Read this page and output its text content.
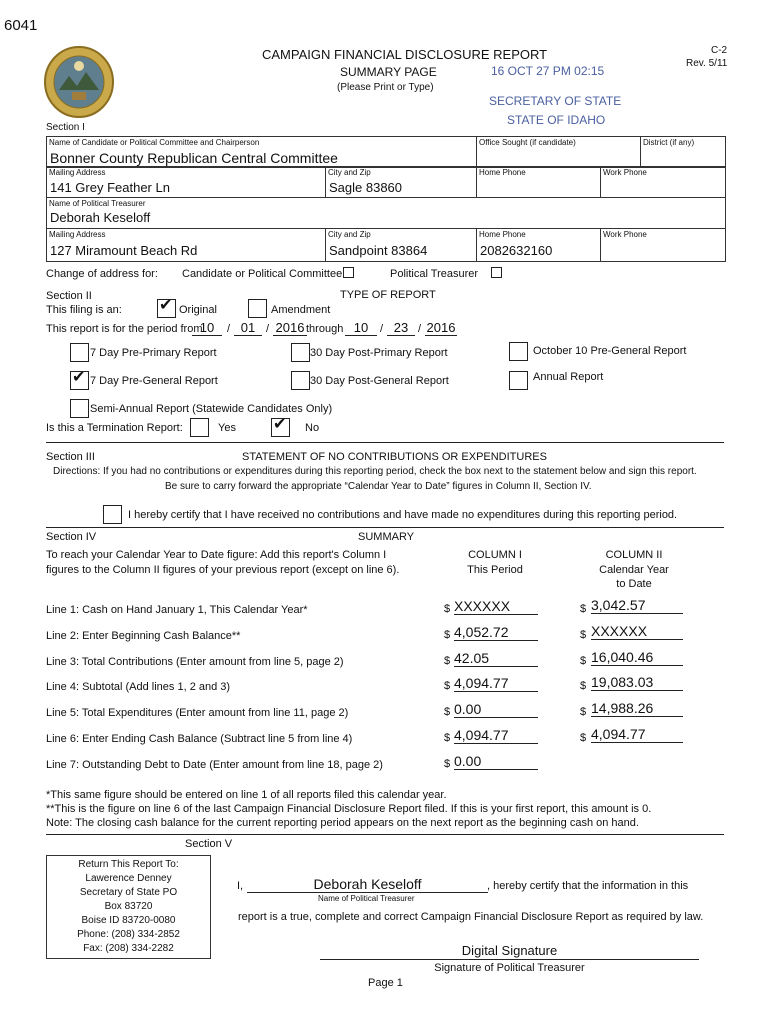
6041
CAMPAIGN FINANCIAL DISCLOSURE REPORT
SUMMARY PAGE
(Please Print or Type)
C-2
Rev. 5/11
16 OCT 27 PM 02:15
SECRETARY OF STATE
STATE OF IDAHO
Section I
Name of Candidate or Political Committee and Chairperson
Bonner County Republican Central Committee
Office Sought (if candidate)	District (if any)
Mailing Address
141 Grey Feather Ln
City and Zip
Sagle 83860
Home Phone	Work Phone
Name of Political Treasurer
Deborah Keseloff
Mailing Address
127 Miramount Beach Rd
City and Zip
Sandpoint 83864
Home Phone
2082632160
Work Phone
Change of address for: Candidate or Political Committee	Political Treasurer
Section II	TYPE OF REPORT
This filing is an: ✔ Original	Amendment
This report is for the period from
10	/ 01 / 2016 through 10	/ 23 / 2016
7 Day Pre-Primary Report	30 Day Post-Primary Report	October 10 Pre-General Report
✔ 7 Day Pre-General Report	30 Day Post-General Report	Annual Report
Semi-Annual Report (Statewide Candidates Only)
Is this a Termination Report:	Yes ✔ No
Section III	STATEMENT OF NO CONTRIBUTIONS OR EXPENDITURES
Directions: If you had no contributions or expenditures during this reporting period, check the box next to the statement below and sign this report.
Be sure to carry forward the appropriate “Calendar Year to Date” figures in Column II, Section IV.
I hereby certify that I have received no contributions and have made no expenditures during this reporting period.
Section IV	SUMMARY
To reach your Calendar Year to Date figure: Add this report's Column I
figures to the Column II figures of your previous report (except on line 6).
COLUMN I
This Period
COLUMN II
Calendar Year
to Date
Line 1: Cash on Hand January 1, This Calendar Year*	$ XXXXXX	$ 3,042.57
Line 2: Enter Beginning Cash Balance**	$ 4,052.72	$ XXXXXX
Line 3: Total Contributions (Enter amount from line 5, page 2)	$ 42.05	$ 16,040.46
Line 4: Subtotal (Add lines 1, 2 and 3)	$ 4,094.77	$ 19,083.03
Line 5: Total Expenditures (Enter amount from line 11, page 2)	$ 0.00	$ 14,988.26
Line 6: Enter Ending Cash Balance (Subtract line 5 from line 4)	$ 4,094.77	$ 4,094.77
Line 7: Outstanding Debt to Date (Enter amount from line 18, page 2)	$ 0.00
*This same figure should be entered on line 1 of all reports filed this calendar year.
**This is the figure on line 6 of the last Campaign Financial Disclosure Report filed. If this is your first report, this amount is 0.
Note: The closing cash balance for the current reporting period appears on the next report as the beginning cash on hand.
Section V
Return This Report To:
Lawerence Denney
Secretary of State PO
Box 83720
Boise ID 83720-0080
Phone: (208) 334-2852
Fax: (208) 334-2282
I,	Deborah Keseloff	, hereby certify that the information in this
Name of Political Treasurer
report is a true, complete and correct Campaign Financial Disclosure Report as required by law.
Digital Signature
Signature of Political Treasurer
Page 1
